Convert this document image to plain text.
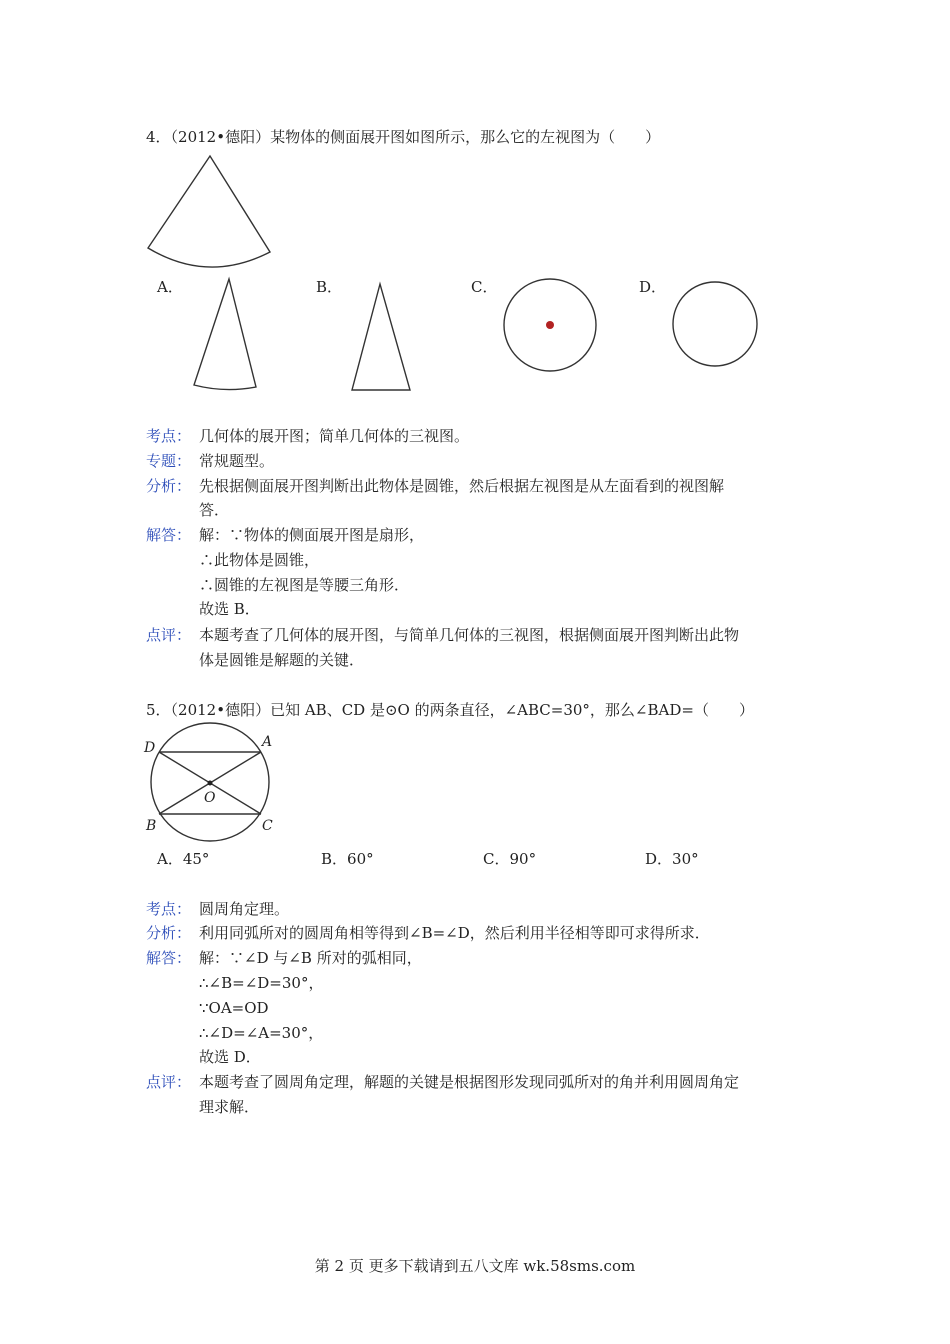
4．（2012•德阳）某物体的侧面展开图如图所示，那么它的左视图为（　　）
A．	B．	C．	D．
考点： 几何体的展开图；简单几何体的三视图。
专题： 常规题型。
分析： 先根据侧面展开图判断出此物体是圆锥，然后根据左视图是从左面看到的视图解
答．
解答： 解：∵物体的侧面展开图是扇形，
∴此物体是圆锥，
∴圆锥的左视图是等腰三角形．
故选 B．
点评： 本题考查了几何体的展开图，与简单几何体的三视图，根据侧面展开图判断出此物
体是圆锥是解题的关键．
5．（2012•德阳）已知 AB、CD 是⊙O 的两条直径，∠ABC=30°，那么∠BAD=（　　）
D	A
O
B	C
A．45°	B．60°	C．90°	D．30°
考点： 圆周角定理。
分析： 利用同弧所对的圆周角相等得到∠B=∠D，然后利用半径相等即可求得所求．
解答： 解：∵∠D 与∠B 所对的弧相同，
∴∠B=∠D=30°，
∵OA=OD
∴∠D=∠A=30°，
故选 D．
点评： 本题考查了圆周角定理，解题的关键是根据图形发现同弧所对的角并利用圆周角定
理求解．
第 2 页 更多下载请到五八文库 wk.58sms.com
